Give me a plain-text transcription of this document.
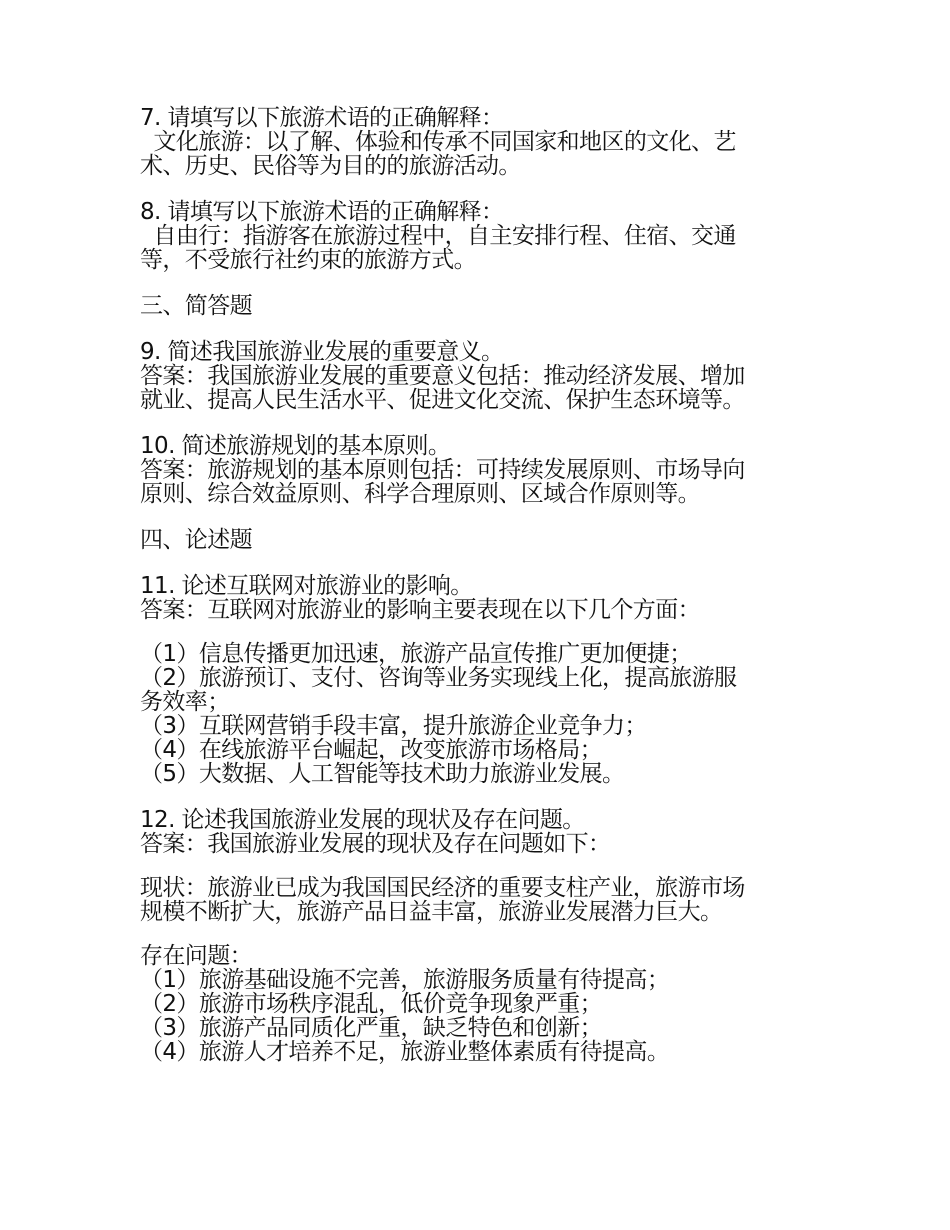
7. 请填写以下旅游术语的正确解释：
文化旅游：以了解、体验和传承不同国家和地区的文化、艺
术、历史、民俗等为目的的旅游活动。
8. 请填写以下旅游术语的正确解释：
自由行：指游客在旅游过程中，自主安排行程、住宿、交通
等，不受旅行社约束的旅游方式。
三、简答题
9. 简述我国旅游业发展的重要意义。
答案：我国旅游业发展的重要意义包括：推动经济发展、增加
就业、提高人民生活水平、促进文化交流、保护生态环境等。
10. 简述旅游规划的基本原则。
答案：旅游规划的基本原则包括：可持续发展原则、市场导向
原则、综合效益原则、科学合理原则、区域合作原则等。
四、论述题
11. 论述互联网对旅游业的影响。
答案：互联网对旅游业的影响主要表现在以下几个方面：
（1）信息传播更加迅速，旅游产品宣传推广更加便捷；
（2）旅游预订、支付、咨询等业务实现线上化，提高旅游服
务效率；
（3）互联网营销手段丰富，提升旅游企业竞争力；
（4）在线旅游平台崛起，改变旅游市场格局；
（5）大数据、人工智能等技术助力旅游业发展。
12. 论述我国旅游业发展的现状及存在问题。
答案：我国旅游业发展的现状及存在问题如下：
现状：旅游业已成为我国国民经济的重要支柱产业，旅游市场
规模不断扩大，旅游产品日益丰富，旅游业发展潜力巨大。
存在问题：
（1）旅游基础设施不完善，旅游服务质量有待提高；
（2）旅游市场秩序混乱，低价竞争现象严重；
（3）旅游产品同质化严重，缺乏特色和创新；
（4）旅游人才培养不足，旅游业整体素质有待提高。
